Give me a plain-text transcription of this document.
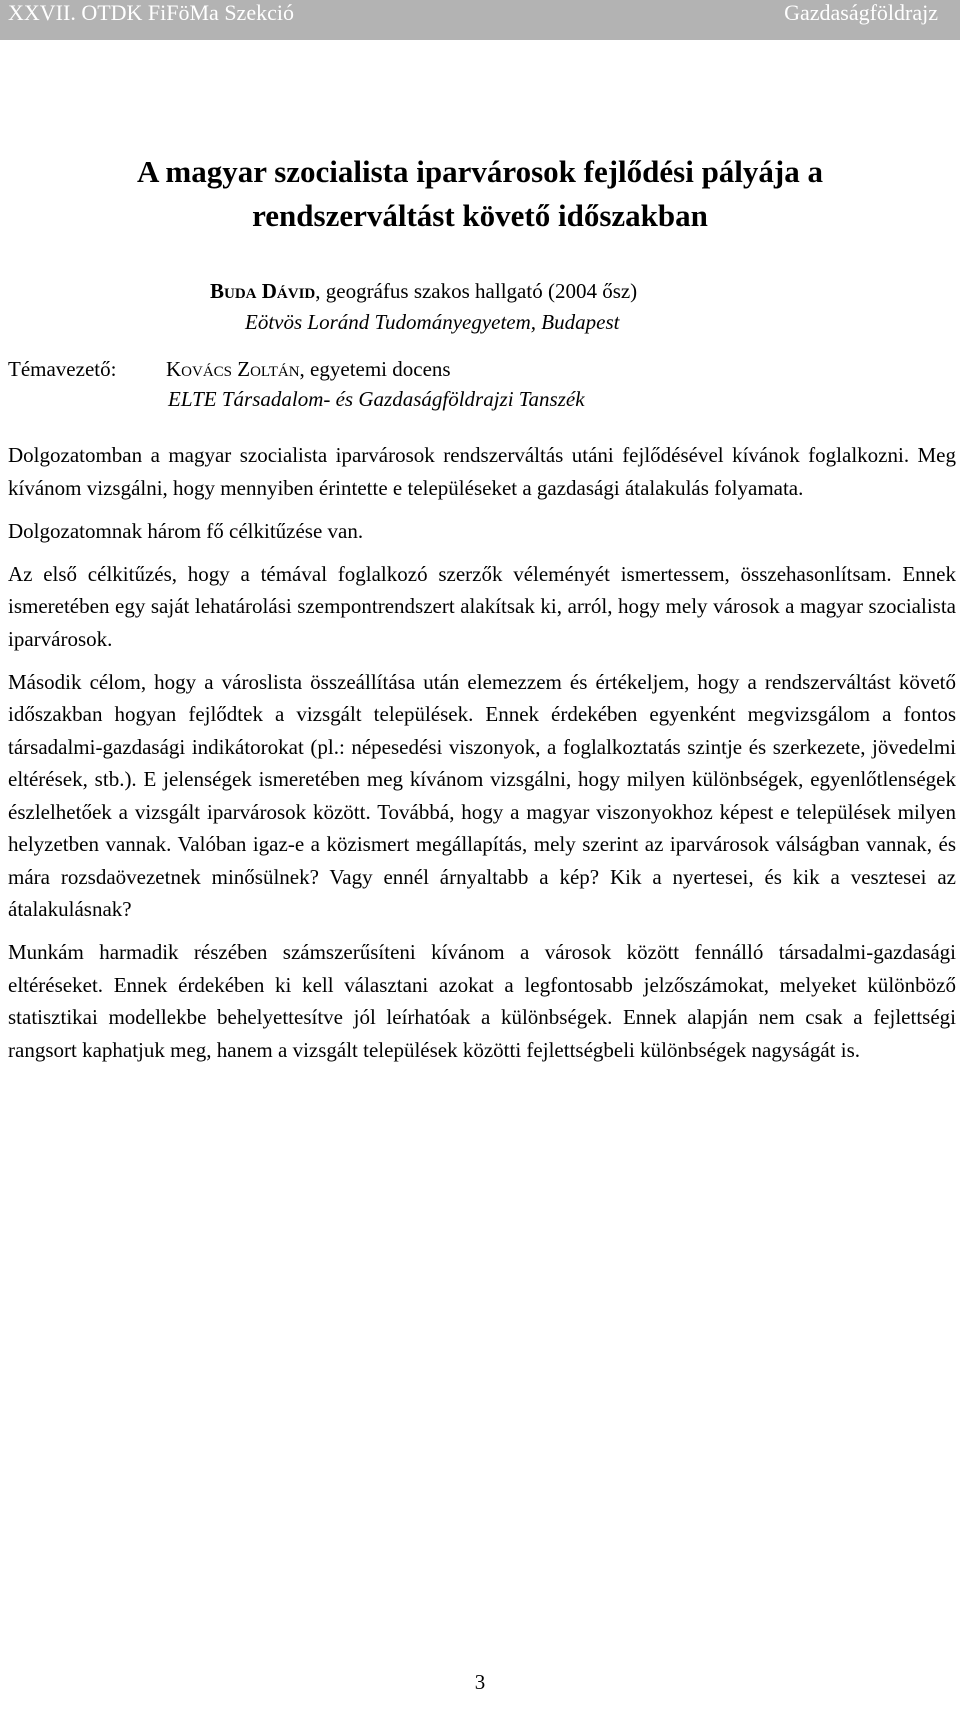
XXVII. OTDK FiFöMa Szekció	Gazdaságföldrajz
A magyar szocialista iparvárosok fejlődési pályája a
rendszerváltást követő időszakban
Buda Dávid, geográfus szakos hallgató (2004 ősz)
Eötvös Loránd Tudományegyetem, Budapest
Témavezető: Kovács Zoltán, egyetemi docens
ELTE Társadalom- és Gazdaságföldrajzi Tanszék

Dolgozatomban a magyar szocialista iparvárosok rendszerváltás utáni fejlődésével kívánok foglalkozni. Meg kívánom vizsgálni, hogy mennyiben érintette e településeket a gazdasági átalakulás folyamata.

Dolgozatomnak három fő célkitűzése van.

Az első célkitűzés, hogy a témával foglalkozó szerzők véleményét ismertessem, összehasonlítsam. Ennek ismeretében egy saját lehatárolási szempontrendszert alakítsak ki, arról, hogy mely városok a magyar szocialista iparvárosok.

Második célom, hogy a városlista összeállítása után elemezzem és értékeljem, hogy a rendszerváltást követő időszakban hogyan fejlődtek a vizsgált települések. Ennek érdekében egyenként megvizsgálom a fontos társadalmi-gazdasági indikátorokat (pl.: népesedési viszonyok, a foglalkoztatás szintje és szerkezete, jövedelmi eltérések, stb.). E jelenségek ismeretében meg kívánom vizsgálni, hogy milyen különbségek, egyenlőtlenségek észlelhetőek a vizsgált iparvárosok között. Továbbá, hogy a magyar viszonyokhoz képest e települések milyen helyzetben vannak. Valóban igaz-e a közismert megállapítás, mely szerint az iparvárosok válságban vannak, és mára rozsdaövezetnek minősülnek? Vagy ennél árnyaltabb a kép? Kik a nyertesei, és kik a vesztesei az átalakulásnak?

Munkám harmadik részében számszerűsíteni kívánom a városok között fennálló társadalmi-gazdasági eltéréseket. Ennek érdekében ki kell választani azokat a legfontosabb jelzőszámokat, melyeket különböző statisztikai modellekbe behelyettesítve jól leírhatóak a különbségek. Ennek alapján nem csak a fejlettségi rangsort kaphatjuk meg, hanem a vizsgált települések közötti fejlettségbeli különbségek nagyságát is.

3
